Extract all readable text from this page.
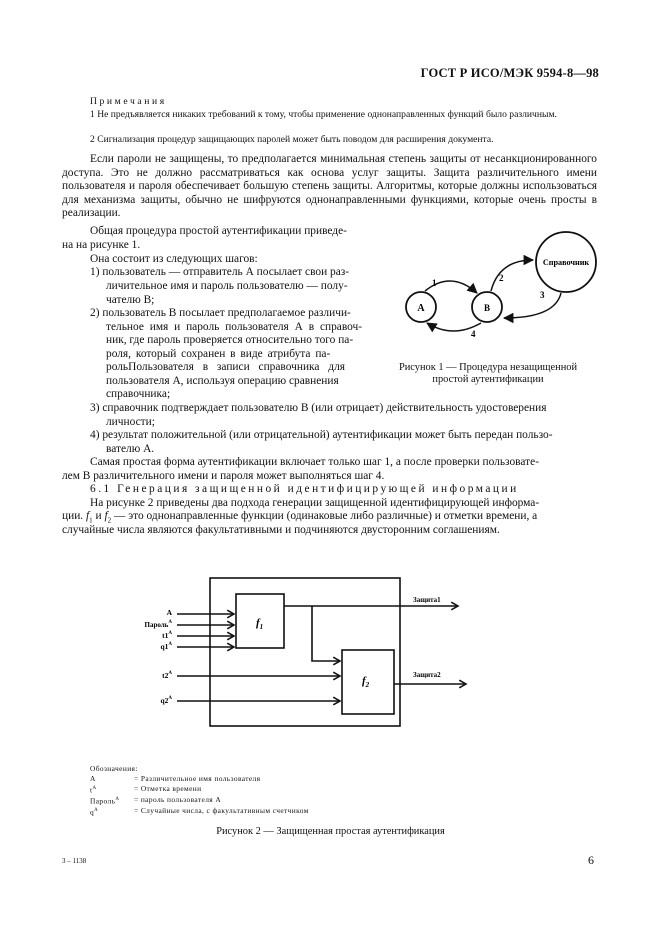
ГОСТ Р ИСО/МЭК 9594-8—98
Примечания
1 Не предъявляется никаких требований к тому, чтобы применение однонаправленных функций было различным.
2 Сигнализация процедур защищающих паролей может быть поводом для расширения документа.
Если пароли не защищены, то предполагается минимальная степень защиты от несанкционированного доступа. Это не должно рассматриваться как основа услуг защиты. Защита различительного имени пользователя и пароля обеспечивает большую степень защиты. Алгоритмы, которые должны использоваться для механизма защиты, обычно не шифруются однонаправленными функциями, которые очень просты в реализации.
Общая процедура простой аутентификации приведе-
на на рисунке 1.
Она состоит из следующих шагов:
1) пользователь — отправитель А посылает свои раз-
личительное имя и пароль пользователю — полу-
чателю В;
2) пользователь В посылает предполагаемое различи-
тельное имя и пароль пользователя А в справоч-
ник, где пароль проверяется относительно того па-
роля, который сохранен в виде атрибута па-
рольПользователя в записи справочника для
пользователя А, используя операцию сравнения
справочника;
A	B
Справочник
1	2
3
4
Рисунок 1 — Процедура незащищенной
простой аутентификации
3) справочник подтверждает пользователю В (или отрицает) действительность удостоверения
личности;
4) результат положительной (или отрицательной) аутентификации может быть передан пользо-
вателю А.
Самая простая форма аутентификации включает только шаг 1, а после проверки пользовате-
лем В различительного имени и пароля может выполняться шаг 4.
6.1 Генерация защищенной идентифицирующей информации
На рисунке 2 приведены два подхода генерации защищенной идентифицирующей информа-
ции. $f_1$ и $f_2$ — это однонаправленные функции (одинаковые либо различные) и отметки времени, а
случайные числа являются факультативными и подчиняются двусторонним соглашениям.
$f_1$
$f_2$
A
Пароль$^A$
$t1^A$
$q1^A$
$t2^A$
$q2^A$
Защита1
Защита2
Обозначения:
A	= Различительное имя пользователя
$t^A$	= Отметка времени
Пароль$^A$	= пароль пользователя А
$q^A$	= Случайные числа, с факультативным счетчиком
Рисунок 2 — Защищенная простая аутентификация
3 – 1138	6
